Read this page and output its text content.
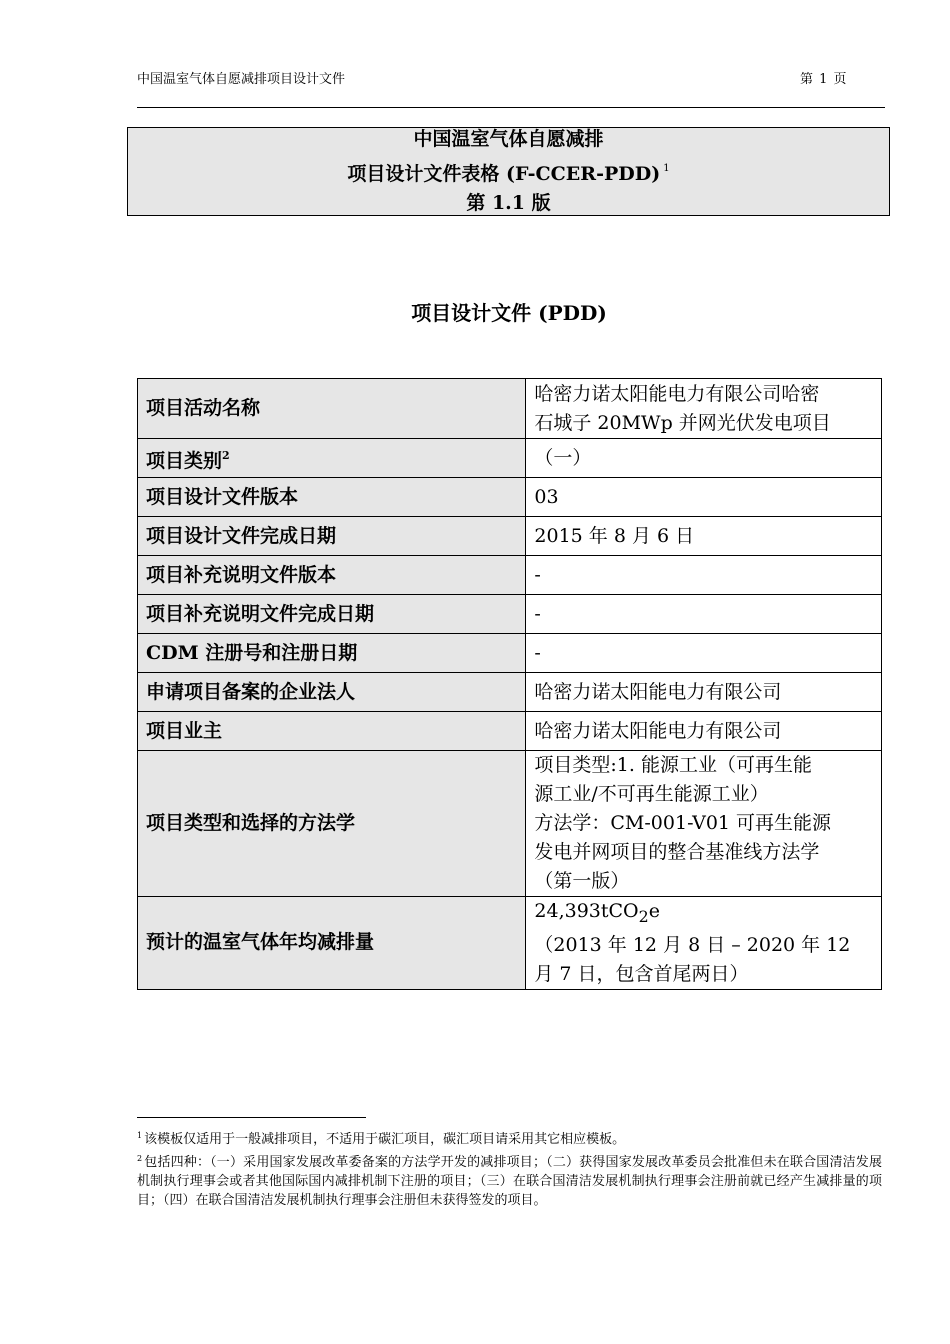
中国温室气体自愿减排项目设计文件	第 1 页
中国温室气体自愿减排
项目设计文件表格 (F-CCER-PDD) $^1$
第 1.1 版
项目设计文件 (PDD)
项目活动名称	哈密力诺太阳能电力有限公司哈密
石城子 20MWp 并网光伏发电项目

项目类别$^2$	（一）
项目设计文件版本	03
项目设计文件完成日期	2015 年 8 月 6 日
项目补充说明文件版本	-
项目补充说明文件完成日期	-
CDM 注册号和注册日期	-
申请项目备案的企业法人	哈密力诺太阳能电力有限公司
项目业主	哈密力诺太阳能电力有限公司
项目类型和选择的方法学	项目类型:1. 能源工业（可再生能
源工业/不可再生能源工业）
方法学：CM-001-V01 可再生能源
发电并网项目的整合基准线方法学
（第一版）

预计的温室气体年均减排量	24,393tCO$_2$e
（2013 年 12 月 8 日 – 2020 年 12
月 7 日，包含首尾两日）

$^1$ 该模板仅适用于一般减排项目，不适用于碳汇项目，碳汇项目请采用其它相应模板。

$^2$ 包括四种：（一）采用国家发展改革委备案的方法学开发的减排项目；（二）获得国家发展改革委员会批准但未在联合国清洁发展机制执行理事会或者其他国际国内减排机制下注册的项目；（三）在联合国清洁发展机制执行理事会注册前就已经产生减排量的项目；（四）在联合国清洁发展机制执行理事会注册但未获得签发的项目。
